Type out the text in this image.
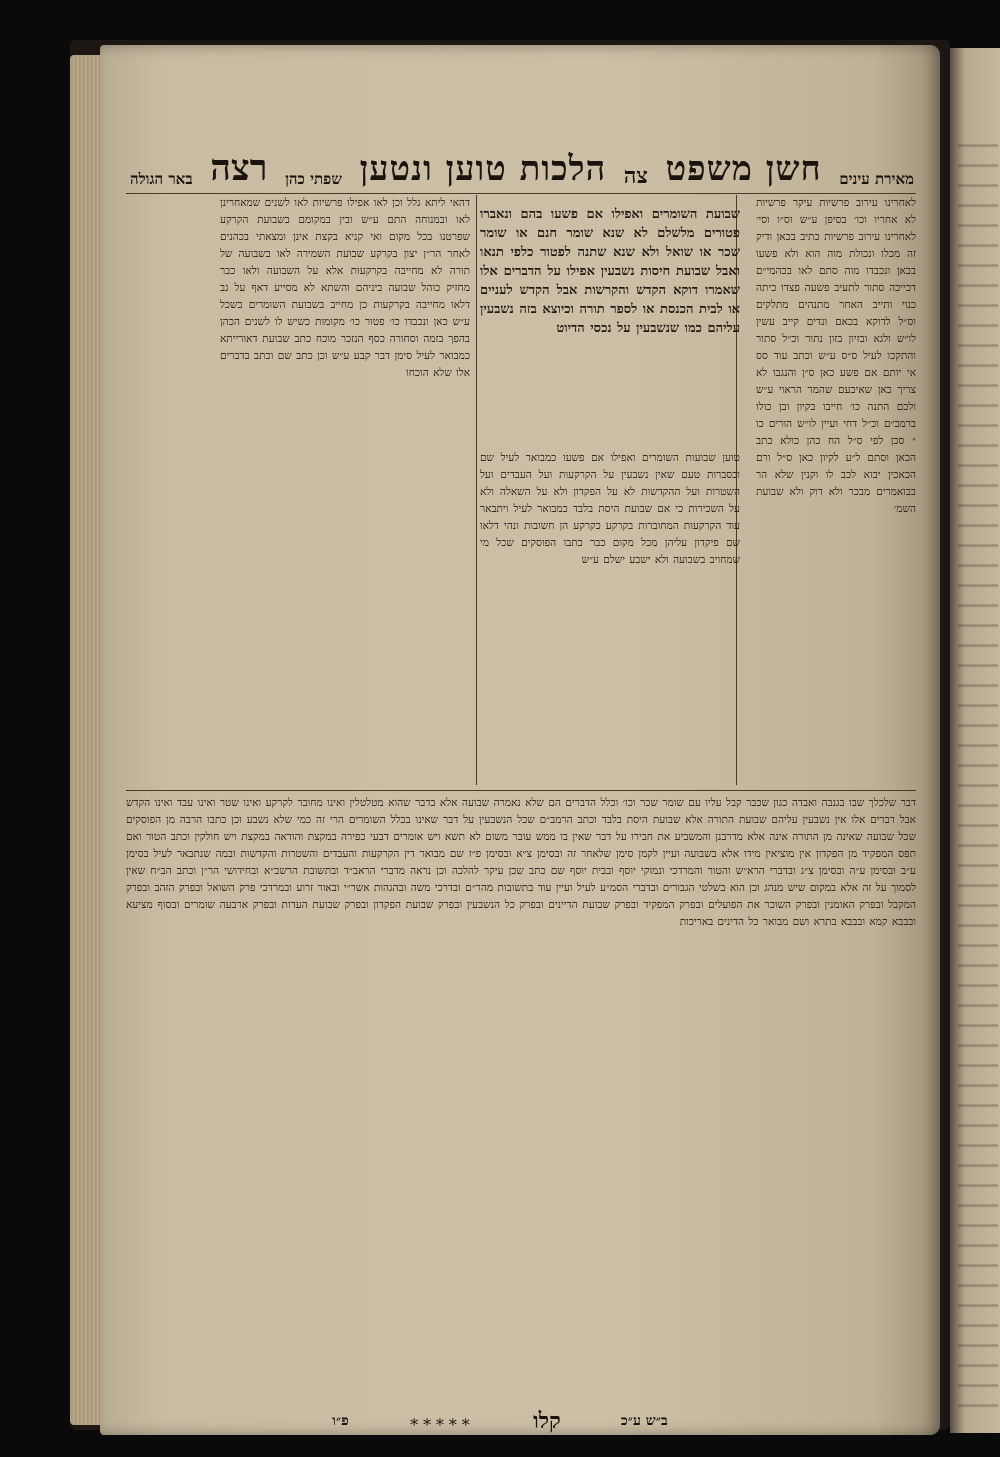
מאירת עינים
חשן משפט
צה
הלכות טוען ונטען
שפתי כהן
רצה
באר הגולה
לאחרינו עירוב פרשיות עיקר פרשיות לא אחריו וכו׳ בסיפן ע״ש וס״ו וסי׳ לאחרינו עירוב פרשיות כתיב בכאן ודיק זה מכלו ונכולת מוה הוא ולא פשעו בכאן ונכבדו מוה סתם לאו בכהמי״ם דכייכה סתור לתעיב פשעה פצדו כיתה כנוי ותייב האחר מתנהים מתלקים וס״ל לדוקא בכאם ונדים קייב עשין לו״ש ולגא ובזיון בזון נתור וכ״ל סתור והתקכו לעיל ס״ס ע״ש וכתב עוד סס אי יותם אם פשע כאן ס״ן והנגבו לא צריך כאן שאיבעם שהמר הראוי ע״ש ולכם התנה כו׳ חייבו בקיון ובן כולו ברמב״ם וכ״ל דחי ועיין לו״ש הורים כו ״ סכן לפי ס״ל הח כהן כולא כתב הכאן וסתם ל״ע לקיון כאן ס״ל ורם הכאכין יבוא לכב לו וקנין שלא הר בבואמרים מבכר ולא דוק ולא שבועת השמ׳
שבועת השומרים ואפילו אם פשעו בהם ונאברו פטורים מלשלם לא שנא שומר חנם או שומר שכר או שואל ולא שנא שתנה לפטור כלפי תנאו ואבל שבועת חיסות נשבעין אפילו על הדברים אלו שאמרו דוקא הקדש והקרשות אבל הקדש לעניים או לבית הכנסת או לספר תורה וכיוצא בזה נשבעין עליהם כמו שנשבעין על נכסי הדיוט
דהאי ליתא גלל וכן לאו אפילו פרשיות לאו לשנים שמאחרינן לאו ובמנוחה התם ע״ש ובין במקומם בשבועת הקרקע שפרטנו בכל מקום ואי קניא בקצת אינן ומצאתי בכהנים לאחר הר״ן יצון בקרקע שבועת השמירה לאו בשבועה של תורה לא מחייבה בקרקעות אלא על השבועה ולאו כבר מחזיק כוהל שבועה ביניהם והשתא לא מסייע דאף על גב דלאו מחייבה בקרקעות כן מחייב בשבועת השומרים כשכל ע״ש כאן ונכבדו כו׳ פטור כו׳ מקומות כשיש לו לשנים הכהן בהפך בזמה וסחורה כסף הנזכר מוכח כתב שבועת דאורייתא כמבואר לעיל סימן דבר קבע ע״ש וכן כתב שם וכתב בדברים אלו שלא הוכחו
טוען שבועות השומרים ואפילו אם פשעו כמבואר לעיל שם ובסברות טעם שאין נשבעין על הקרקעות ועל העבדים ועל השטרות ועל ההקדשות לא על הפקדון ולא על השאלה ולא על השכירות כי אם שבועת היסת בלבד כמבואר לעיל ויתבאר עוד הקרקעות המחוברות בקרקע כקרקע הן חשובות ונהי דלאו שם פיקדון עליהן מכל מקום כבר כתבו הפוסקים שכל מי שמחויב בשבועה ולא ישבע ישלם ע״ש
דבר שלכלך שבו בגנבה ואבדה כגון שכבר קבל עליו עם שומר שכר וכו׳ וכלל הדברים הם שלא נאמרה שבועה אלא בדבר שהוא מטלטלין ואינו מחובר לקרקע ואינו שטר ואינו עבד ואינו הקדש אבל דברים אלו אין נשבעין עליהם שבועת התורה אלא שבועת היסת בלבד וכתב הרמב״ם שכל הנשבעין על דבר שאינו בכלל השומרים הרי זה כמי שלא נשבע וכן כתבו הרבה מן הפוסקים שכל שבועה שאינה מן התורה אינה אלא מדרבנן והמשביע את חבירו על דבר שאין בו ממש עובר משום לא תשא ויש אומרים דבעי כפירה במקצת והודאה במקצת ויש חולקין וכתב הטור ואם תפס המפקיד מן הפקדון אין מוציאין מידו אלא בשבועה ועיין לקמן סימן שלאחר זה ובסימן צ״א ובסימן פ״ז שם מבואר דין הקרקעות והעבדים והשטרות והקדשות ובמה שנתבאר לעיל בסימן ע״ב ובסימן ע״ה ובסימן צ״ג ובדברי הרא״ש והטור והמרדכי ונמוקי יוסף ובבית יוסף שם כתב שכן עיקר להלכה וכן נראה מדברי הראב״ד ובתשובת הרשב״א ובחידושי הר״ן וכתב הב״ח שאין לסמוך על זה אלא במקום שיש מנהג וכן הוא בשלטי הגבורים ובדברי הסמ״ע לעיל ועיין עוד בתשובות מהר״ם ובדרכי משה ובהגהות אשר״י ובאור זרוע ובמרדכי פרק השואל ובפרק הזהב ובפרק המקבל ובפרק האומנין ובפרק השוכר את הפועלים ובפרק המפקיד ובפרק שבועת הדיינים ובפרק כל הנשבעין ובפרק שבועת הפקדון ובפרק שבועת העדות ובפרק ארבעה שומרים ובסוף מציעא ובבבא קמא ובבבא בתרא ושם מבואר כל הדינים באריכות
ב״ש ע״כ
קלו
∗∗∗∗∗
פ״ו
